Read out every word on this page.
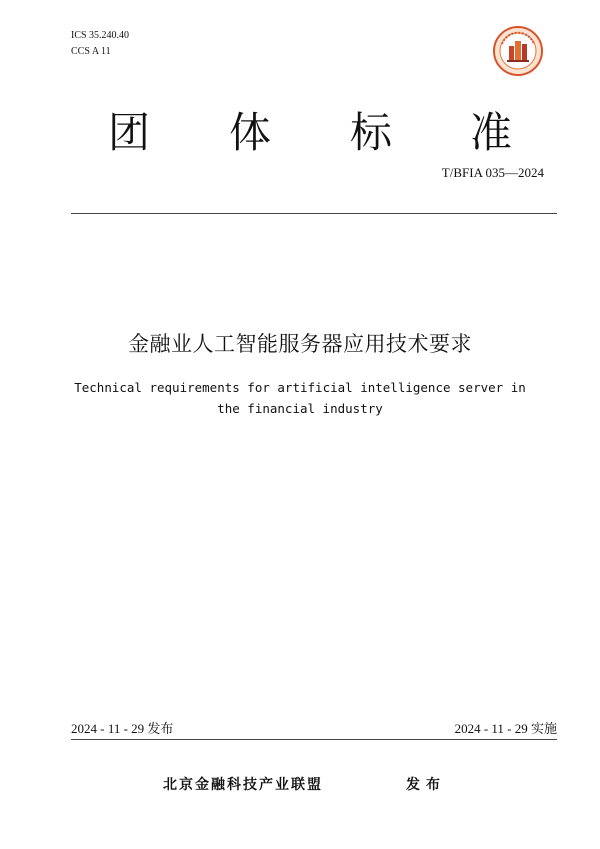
ICS 35.240.40
CCS A 11
团 体 标 准
T/BFIA 035—2024
金融业人工智能服务器应用技术要求
Technical requirements for artificial intelligence server in the financial industry
2024 - 11 - 29 发布	2024 - 11 - 29 实施
北京金融科技产业联盟	发布
